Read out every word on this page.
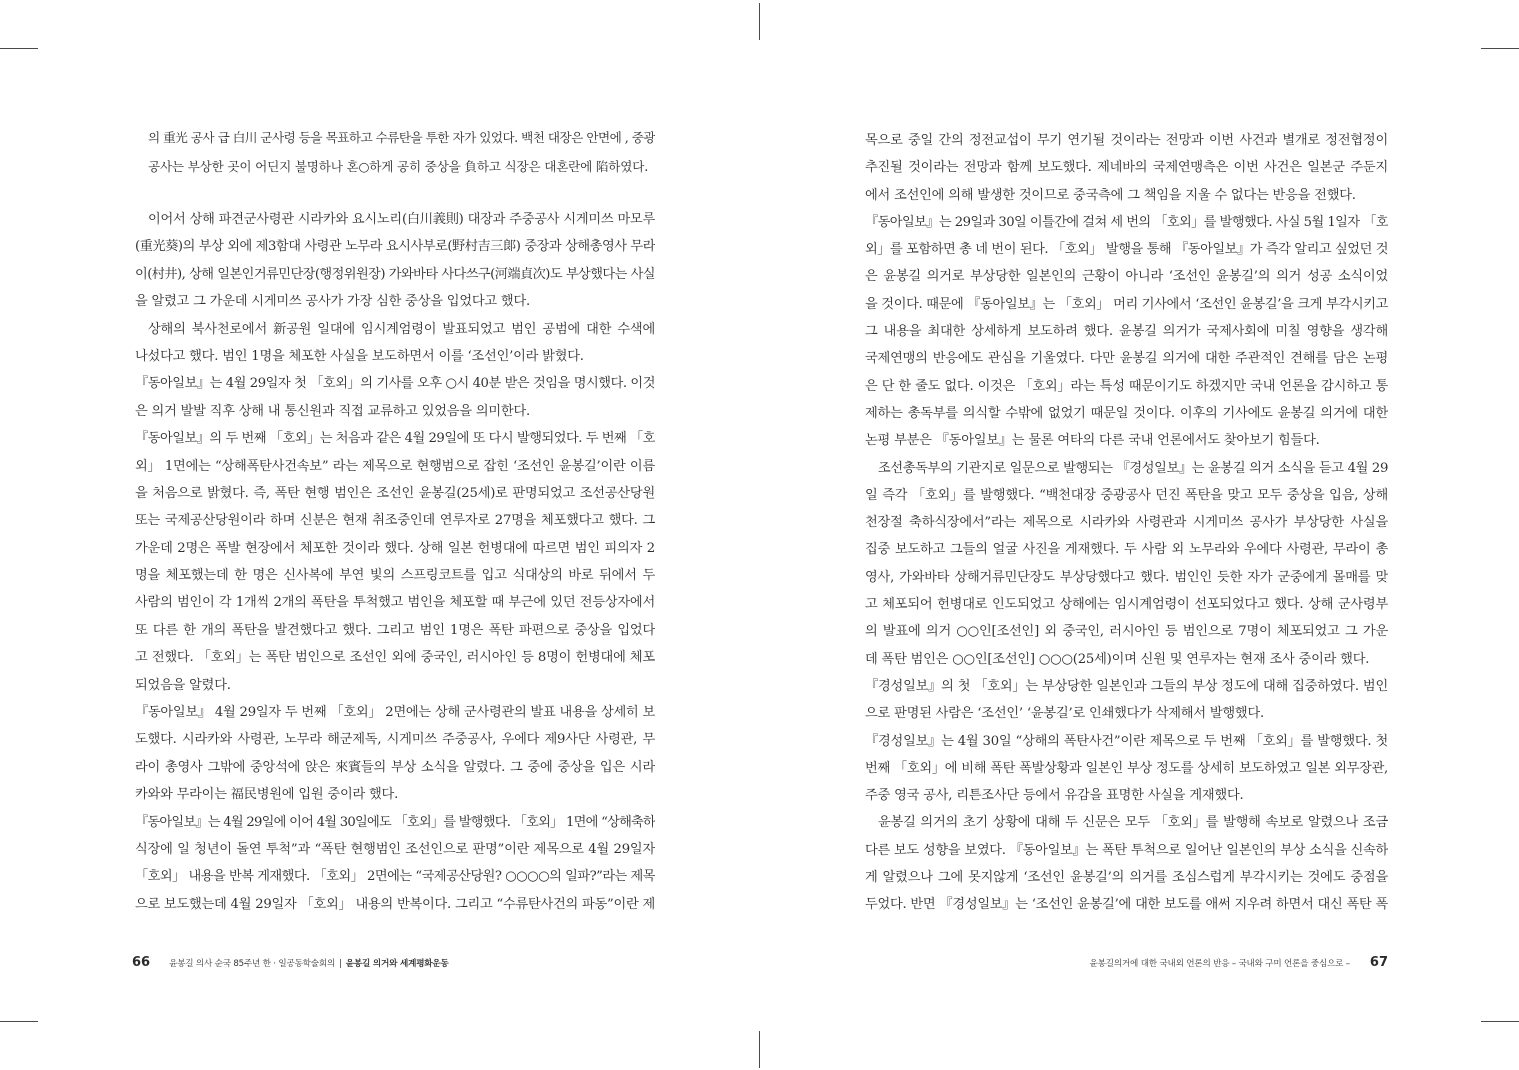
의 重光 공사 급 白川 군사령 등을 목표하고 수류탄을 투한 자가 있었다. 백천 대장은 안면에 , 중광
공사는 부상한 곳이 어딘지 불명하나 혼○하게 공히 중상을 負하고 식장은 대혼란에 陷하였다.
이어서 상해 파견군사령관 시라카와 요시노리(白川義則) 대장과 주중공사 시게미쓰 마모루
(重光葵)의 부상 외에 제3함대 사령관 노무라 요시사부로(野村吉三郞) 중장과 상해총영사 무라
이(村井), 상해 일본인거류민단장(행정위원장) 가와바타 사다쓰구(河端貞次)도 부상했다는 사실
을 알렸고 그 가운데 시게미쓰 공사가 가장 심한 중상을 입었다고 했다.
상해의 북사천로에서 新공원 일대에 임시계엄령이 발표되었고 범인 공범에 대한 수색에
나섰다고 했다. 범인 1명을 체포한 사실을 보도하면서 이를 ‘조선인’이라 밝혔다.
『동아일보』는 4월 29일자 첫 「호외」의 기사를 오후 ○시 40분 받은 것임을 명시했다. 이것
은 의거 발발 직후 상해 내 통신원과 직접 교류하고 있었음을 의미한다.
『동아일보』의 두 번째 「호외」는 처음과 같은 4월 29일에 또 다시 발행되었다. 두 번째 「호
외」 1면에는 “상해폭탄사건속보” 라는 제목으로 현행범으로 잡힌 ‘조선인 윤봉길’이란 이름
을 처음으로 밝혔다. 즉, 폭탄 현행 범인은 조선인 윤봉길(25세)로 판명되었고 조선공산당원
또는 국제공산당원이라 하며 신분은 현재 취조중인데 연루자로 27명을 체포했다고 했다. 그
가운데 2명은 폭발 현장에서 체포한 것이라 했다. 상해 일본 헌병대에 따르면 범인 피의자 2
명을 체포했는데 한 명은 신사복에 부연 빛의 스프링코트를 입고 식대상의 바로 뒤에서 두
사람의 범인이 각 1개씩 2개의 폭탄을 투척했고 범인을 체포할 때 부근에 있던 전등상자에서
또 다른 한 개의 폭탄을 발견했다고 했다. 그리고 범인 1명은 폭탄 파편으로 중상을 입었다
고 전했다. 「호외」는 폭탄 범인으로 조선인 외에 중국인, 러시아인 등 8명이 헌병대에 체포
되었음을 알렸다.
『동아일보』 4월 29일자 두 번째 「호외」 2면에는 상해 군사령관의 발표 내용을 상세히 보
도했다. 시라카와 사령관, 노무라 해군제독, 시게미쓰 주중공사, 우에다 제9사단 사령관, 무
라이 총영사 그밖에 중앙석에 앉은 來賓들의 부상 소식을 알렸다. 그 중에 중상을 입은 시라
카와와 무라이는 福民병원에 입원 중이라 했다.
『동아일보』는 4월 29일에 이어 4월 30일에도 「호외」를 발행했다. 「호외」 1면에 “상해축하
식장에 일 청년이 돌연 투척”과 “폭탄 현행범인 조선인으로 판명”이란 제목으로 4월 29일자
「호외」 내용을 반복 게재했다. 「호외」 2면에는 “국제공산당원? ○○○○의 일파?”라는 제목
으로 보도했는데 4월 29일자 「호외」 내용의 반복이다. 그리고 “수류탄사건의 파동”이란 제
66 윤봉길 의사 순국 85주년 한 · 일공동학술회의 | 윤봉길 의거와 세계평화운동
목으로 중일 간의 정전교섭이 무기 연기될 것이라는 전망과 이번 사건과 별개로 정전협정이
추진될 것이라는 전망과 함께 보도했다. 제네바의 국제연맹측은 이번 사건은 일본군 주둔지
에서 조선인에 의해 발생한 것이므로 중국측에 그 책임을 지울 수 없다는 반응을 전했다.
『동아일보』는 29일과 30일 이틀간에 걸쳐 세 번의 「호외」를 발행했다. 사실 5월 1일자 「호
외」를 포함하면 총 네 번이 된다. 「호외」 발행을 통해 『동아일보』가 즉각 알리고 싶었던 것
은 윤봉길 의거로 부상당한 일본인의 근황이 아니라 ‘조선인 윤봉길’의 의거 성공 소식이었
을 것이다. 때문에 『동아일보』는 「호외」 머리 기사에서 ‘조선인 윤봉길’을 크게 부각시키고
그 내용을 최대한 상세하게 보도하려 했다. 윤봉길 의거가 국제사회에 미칠 영향을 생각해
국제연맹의 반응에도 관심을 기울였다. 다만 윤봉길 의거에 대한 주관적인 견해를 담은 논평
은 단 한 줄도 없다. 이것은 「호외」라는 특성 때문이기도 하겠지만 국내 언론을 감시하고 통
제하는 총독부를 의식할 수밖에 없었기 때문일 것이다. 이후의 기사에도 윤봉길 의거에 대한
논평 부분은 『동아일보』는 물론 여타의 다른 국내 언론에서도 찾아보기 힘들다.
조선총독부의 기관지로 일문으로 발행되는 『경성일보』는 윤봉길 의거 소식을 듣고 4월 29
일 즉각 「호외」를 발행했다. “백천대장 중광공사 던진 폭탄을 맞고 모두 중상을 입음, 상해
천장절 축하식장에서”라는 제목으로 시라카와 사령관과 시게미쓰 공사가 부상당한 사실을
집중 보도하고 그들의 얼굴 사진을 게재했다. 두 사람 외 노무라와 우에다 사령관, 무라이 총
영사, 가와바타 상해거류민단장도 부상당했다고 했다. 범인인 듯한 자가 군중에게 몰매를 맞
고 체포되어 헌병대로 인도되었고 상해에는 임시계엄령이 선포되었다고 했다. 상해 군사령부
의 발표에 의거 ○○인[조선인] 외 중국인, 러시아인 등 범인으로 7명이 체포되었고 그 가운
데 폭탄 범인은 ○○인[조선인] ○○○(25세)이며 신원 및 연루자는 현재 조사 중이라 했다.
『경성일보』의 첫 「호외」는 부상당한 일본인과 그들의 부상 정도에 대해 집중하였다. 범인
으로 판명된 사람은 ‘조선인’ ‘윤봉길’로 인쇄했다가 삭제해서 발행했다.
『경성일보』는 4월 30일 “상해의 폭탄사건”이란 제목으로 두 번째 「호외」를 발행했다. 첫
번째 「호외」에 비해 폭탄 폭발상황과 일본인 부상 정도를 상세히 보도하였고 일본 외무장관,
주중 영국 공사, 리튼조사단 등에서 유감을 표명한 사실을 게재했다.
윤봉길 의거의 초기 상황에 대해 두 신문은 모두 「호외」를 발행해 속보로 알렸으나 조금
다른 보도 성향을 보였다. 『동아일보』는 폭탄 투척으로 일어난 일본인의 부상 소식을 신속하
게 알렸으나 그에 못지않게 ‘조선인 윤봉길’의 의거를 조심스럽게 부각시키는 것에도 중점을
두었다. 반면 『경성일보』는 ‘조선인 윤봉길’에 대한 보도를 애써 지우려 하면서 대신 폭탄 폭
윤봉길의거에 대한 국내외 언론의 반응 – 국내와 구미 언론을 중심으로 – 67
